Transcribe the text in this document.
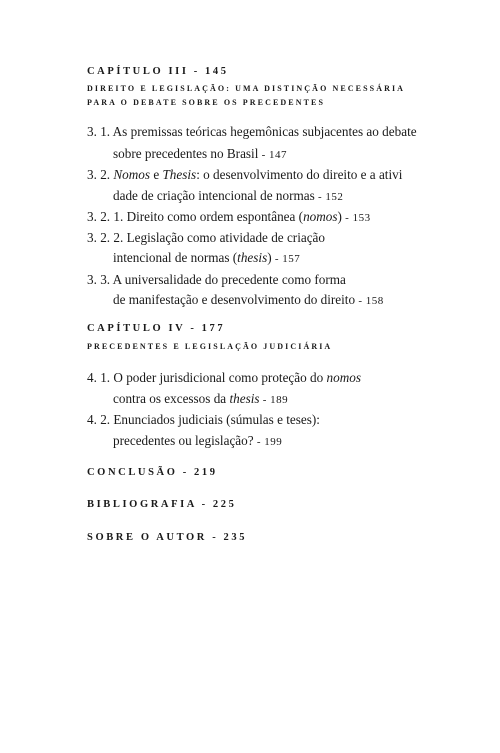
CAPÍTULO III - 145
DIREITO E LEGISLAÇÃO: UMA DISTINÇÃO NECESSÁRIA
PARA O DEBATE SOBRE OS PRECEDENTES
3. 1. As premissas teóricas hegemônicas subjacentes ao debate
sobre precedentes no Brasil - 147
3. 2. Nomos e Thesis: o desenvolvimento do direito e a ativi
dade de criação intencional de normas - 152
3. 2. 1. Direito como ordem espontânea (nomos) - 153
3. 2. 2. Legislação como atividade de criação
intencional de normas (thesis) - 157
3. 3. A universalidade do precedente como forma
de manifestação e desenvolvimento do direito - 158
CAPÍTULO IV - 177
PRECEDENTES E LEGISLAÇÃO JUDICIÁRIA
4. 1. O poder jurisdicional como proteção do nomos
contra os excessos da thesis - 189
4. 2. Enunciados judiciais (súmulas e teses):
precedentes ou legislação? - 199
CONCLUSÃO - 219
BIBLIOGRAFIA - 225
SOBRE O AUTOR - 235
